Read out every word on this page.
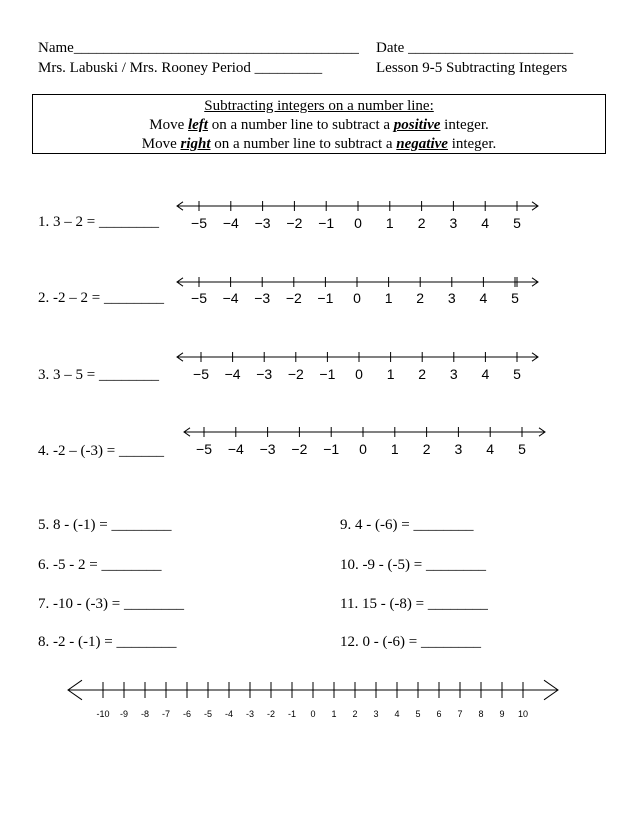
Name______________________________________ Date ______________________
Mrs. Labuski / Mrs. Rooney Period _________	Lesson 9-5 Subtracting Integers
Subtracting integers on a number line:
Move left on a number line to subtract a positive integer.
Move right on a number line to subtract a negative integer.
1. 3 – 2 = ________
2. -2 – 2 = ________
3. 3 – 5 = ________
4. -2 – (-3) = ______
5. 8 - (-1) = ________
6. -5 - 2 = ________
7. -10 - (-3) = ________
8. -2 - (-1) = ________
9. 4 - (-6) = ________
10. -9 - (-5) = ________
11. 15 - (-8) = ________
12. 0 - (-6) = ________
−5 −4 −3 −2 −1 0 1 2 3 4 5
−5 −4 −3 −2 −1 0 1 2 3 4 5
−5 −4 −3 −2 −1 0 1 2 3 4 5
−5 −4 −3 −2 −1 0 1 2 3 4 5
-10 -9 -8 -7 -6 -5 -4 -3 -2 -1 0 1 2 3 4 5 6 7 8 9 10
